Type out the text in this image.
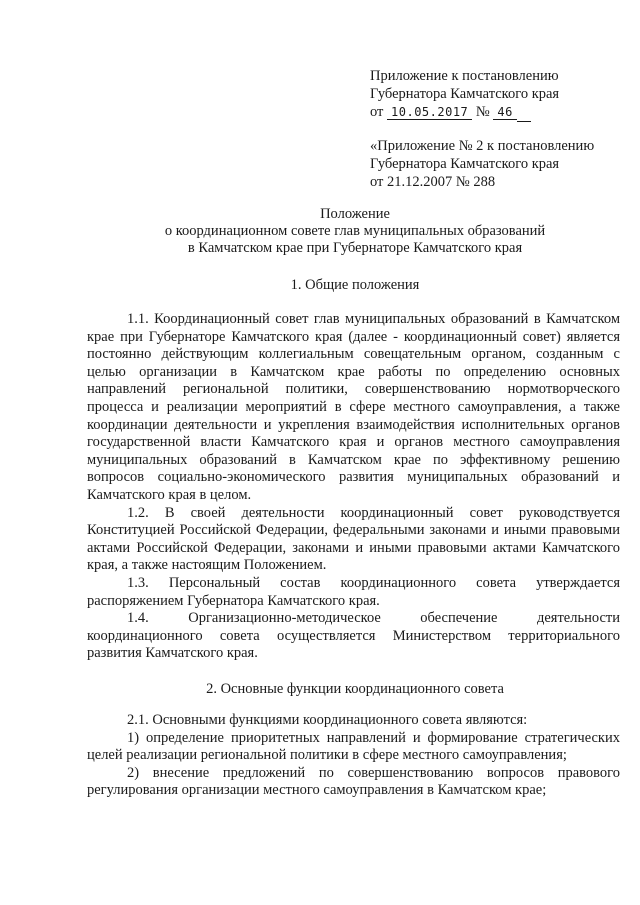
Приложение к постановлению
Губернатора Камчатского края
от 10.05.2017 № 46
«Приложение № 2 к постановлению
Губернатора Камчатского края
от 21.12.2007 № 288
Положение
о координационном совете глав муниципальных образований
в Камчатском крае при Губернаторе Камчатского края
1. Общие положения

1.1. Координационный совет глав муниципальных образований в Камчатском крае при Губернаторе Камчатского края (далее - координационный совет) является постоянно действующим коллегиальным совещательным органом, созданным с целью организации в Камчатском крае работы по определению основных направлений региональной политики, совершенствованию нормотворческого процесса и реализации мероприятий в сфере местного самоуправления, а также координации деятельности и укрепления взаимодействия исполнительных органов государственной власти Камчатского края и органов местного самоуправления муниципальных образований в Камчатском крае по эффективному решению вопросов социально-экономического развития муниципальных образований и Камчатского края в целом.

1.2. В своей деятельности координационный совет руководствуется Конституцией Российской Федерации, федеральными законами и иными правовыми актами Российской Федерации, законами и иными правовыми актами Камчатского края, а также настоящим Положением.

1.3. Персональный состав координационного совета утверждается распоряжением Губернатора Камчатского края.

1.4. Организационно-методическое обеспечение деятельности координационного совета осуществляется Министерством территориального развития Камчатского края.

2. Основные функции координационного совета

2.1. Основными функциями координационного совета являются:

1) определение приоритетных направлений и формирование стратегических целей реализации региональной политики в сфере местного самоуправления;

2) внесение предложений по совершенствованию вопросов правового регулирования организации местного самоуправления в Камчатском крае;
